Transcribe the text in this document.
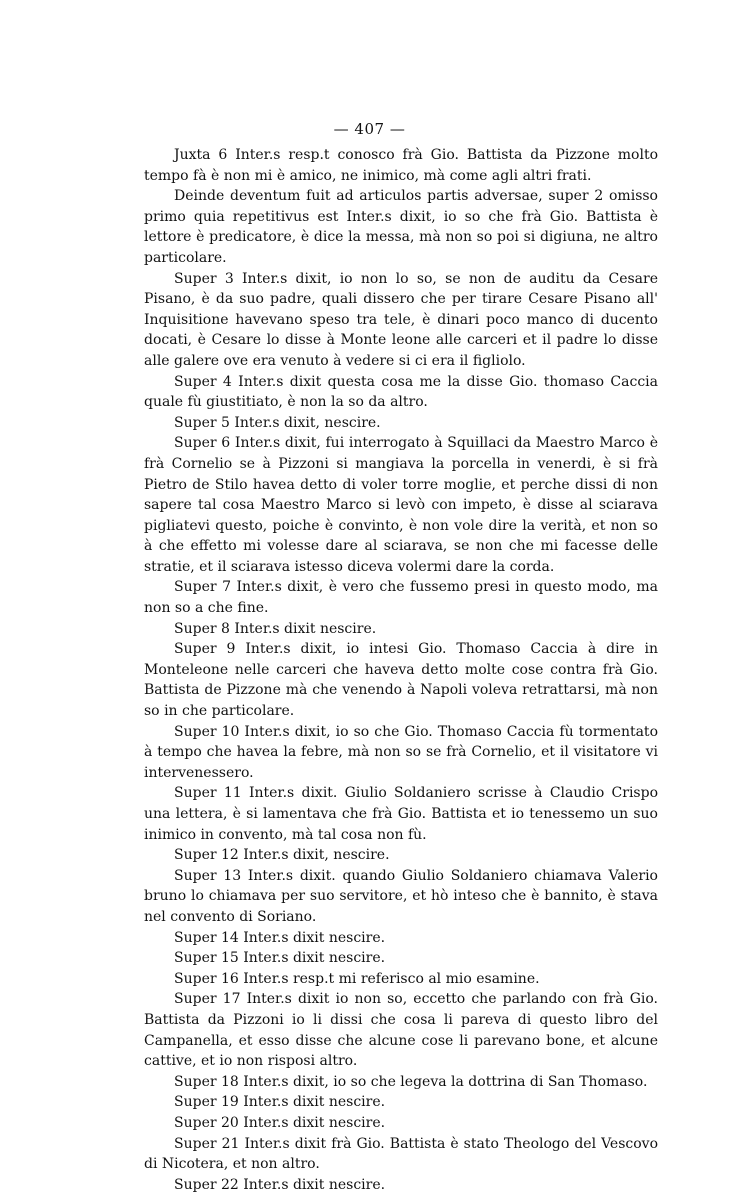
— 407 —

Juxta 6 Inter.s resp.t conosco frà Gio. Battista da Pizzone molto tempo fà è non mi è amico, ne inimico, mà come agli altri frati.

Deinde deventum fuit ad articulos partis adversae, super 2 omisso primo quia repetitivus est Inter.s dixit, io so che frà Gio. Battista è lettore è predicatore, è dice la messa, mà non so poi si digiuna, ne altro particolare.

Super 3 Inter.s dixit, io non lo so, se non de auditu da Cesare Pisano, è da suo padre, quali dissero che per tirare Cesare Pisano all' Inquisitione havevano speso tra tele, è dinari poco manco di ducento docati, è Cesare lo disse à Monte leone alle carceri et il padre lo disse alle galere ove era venuto à vedere si ci era il figliolo.

Super 4 Inter.s dixit questa cosa me la disse Gio. thomaso Caccia quale fù giustitiato, è non la so da altro.

Super 5 Inter.s dixit, nescire.

Super 6 Inter.s dixit, fui interrogato à Squillaci da Maestro Marco è frà Cornelio se à Pizzoni si mangiava la porcella in venerdi, è si frà Pietro de Stilo havea detto di voler torre moglie, et perche dissi di non sapere tal cosa Maestro Marco si levò con impeto, è disse al sciarava pigliatevi questo, poiche è convinto, è non vole dire la verità, et non so à che effetto mi volesse dare al sciarava, se non che mi facesse delle stratie, et il sciarava istesso diceva volermi dare la corda.

Super 7 Inter.s dixit, è vero che fussemo presi in questo modo, ma non so a che fine.

Super 8 Inter.s dixit nescire.

Super 9 Inter.s dixit, io intesi Gio. Thomaso Caccia à dire in Monteleone nelle carceri che haveva detto molte cose contra frà Gio. Battista de Pizzone mà che venendo à Napoli voleva retrattarsi, mà non so in che particolare.

Super 10 Inter.s dixit, io so che Gio. Thomaso Caccia fù tormentato à tempo che havea la febre, mà non so se frà Cornelio, et il visitatore vi intervenessero.

Super 11 Inter.s dixit. Giulio Soldaniero scrisse à Claudio Crispo una lettera, è si lamentava che frà Gio. Battista et io tenessemo un suo inimico in convento, mà tal cosa non fù.

Super 12 Inter.s dixit, nescire.

Super 13 Inter.s dixit. quando Giulio Soldaniero chiamava Valerio bruno lo chiamava per suo servitore, et hò inteso che è bannito, è stava nel convento di Soriano.

Super 14 Inter.s dixit nescire.

Super 15 Inter.s dixit nescire.

Super 16 Inter.s resp.t mi referisco al mio esamine.

Super 17 Inter.s dixit io non so, eccetto che parlando con frà Gio. Battista da Pizzoni io li dissi che cosa li pareva di questo libro del Campanella, et esso disse che alcune cose li parevano bone, et alcune cattive, et io non risposi altro.

Super 18 Inter.s dixit, io so che legeva la dottrina di San Thomaso.

Super 19 Inter.s dixit nescire.

Super 20 Inter.s dixit nescire.

Super 21 Inter.s dixit frà Gio. Battista è stato Theologo del Vescovo di Nicotera, et non altro.

Super 22 Inter.s dixit nescire.
